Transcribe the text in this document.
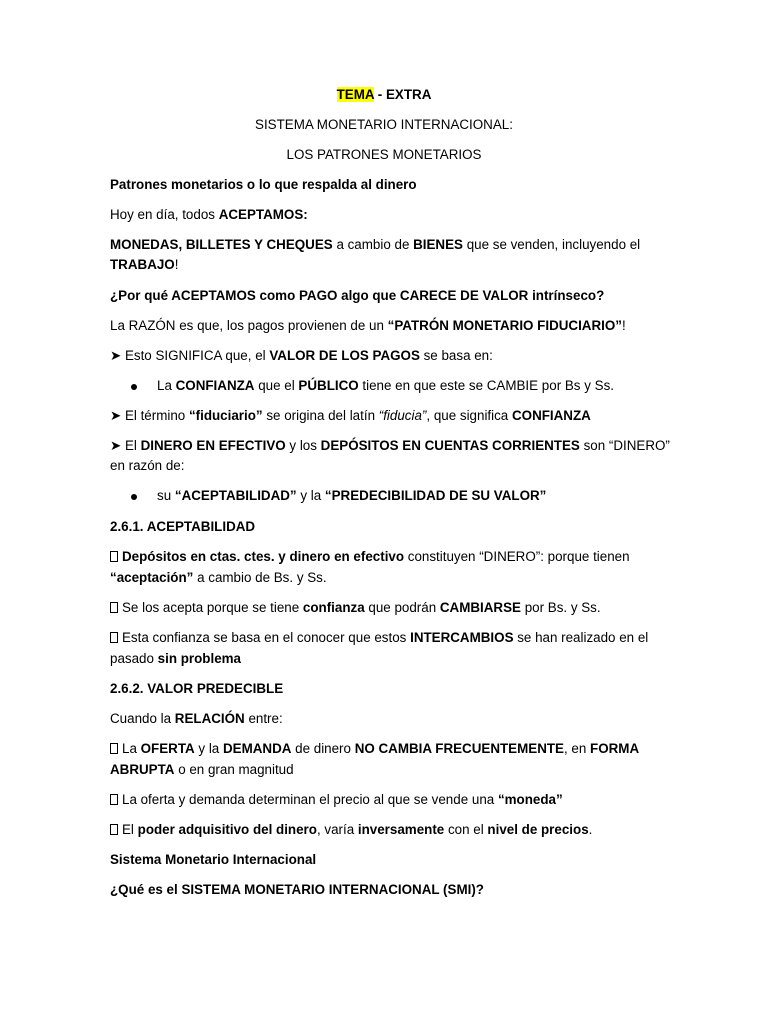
TEMA - EXTRA
SISTEMA MONETARIO INTERNACIONAL:
LOS PATRONES MONETARIOS
Patrones monetarios o lo que respalda al dinero
Hoy en día, todos ACEPTAMOS:
MONEDAS, BILLETES Y CHEQUES a cambio de BIENES que se venden, incluyendo el
TRABAJO!
¿Por qué ACEPTAMOS como PAGO algo que CARECE DE VALOR intrínseco?
La RAZÓN es que, los pagos provienen de un “PATRÓN MONETARIO FIDUCIARIO”!
➤ Esto SIGNIFICA que, el VALOR DE LOS PAGOS se basa en:
La CONFIANZA que el PÚBLICO tiene en que este se CAMBIE por Bs y Ss.
➤ El término “fiduciario” se origina del latín “fiducia”, que significa CONFIANZA
➤ El DINERO EN EFECTIVO y los DEPÓSITOS EN CUENTAS CORRIENTES son “DINERO”
en razón de:
su “ACEPTABILIDAD” y la “PREDECIBILIDAD DE SU VALOR”
2.6.1. ACEPTABILIDAD
Depósitos en ctas. ctes. y dinero en efectivo constituyen “DINERO”: porque tienen
“aceptación” a cambio de Bs. y Ss.
Se los acepta porque se tiene confianza que podrán CAMBIARSE por Bs. y Ss.
Esta confianza se basa en el conocer que estos INTERCAMBIOS se han realizado en el
pasado sin problema
2.6.2. VALOR PREDECIBLE
Cuando la RELACIÓN entre:
La OFERTA y la DEMANDA de dinero NO CAMBIA FRECUENTEMENTE, en FORMA
ABRUPTA o en gran magnitud
La oferta y demanda determinan el precio al que se vende una “moneda”
El poder adquisitivo del dinero, varía inversamente con el nivel de precios.
Sistema Monetario Internacional
¿Qué es el SISTEMA MONETARIO INTERNACIONAL (SMI)?
